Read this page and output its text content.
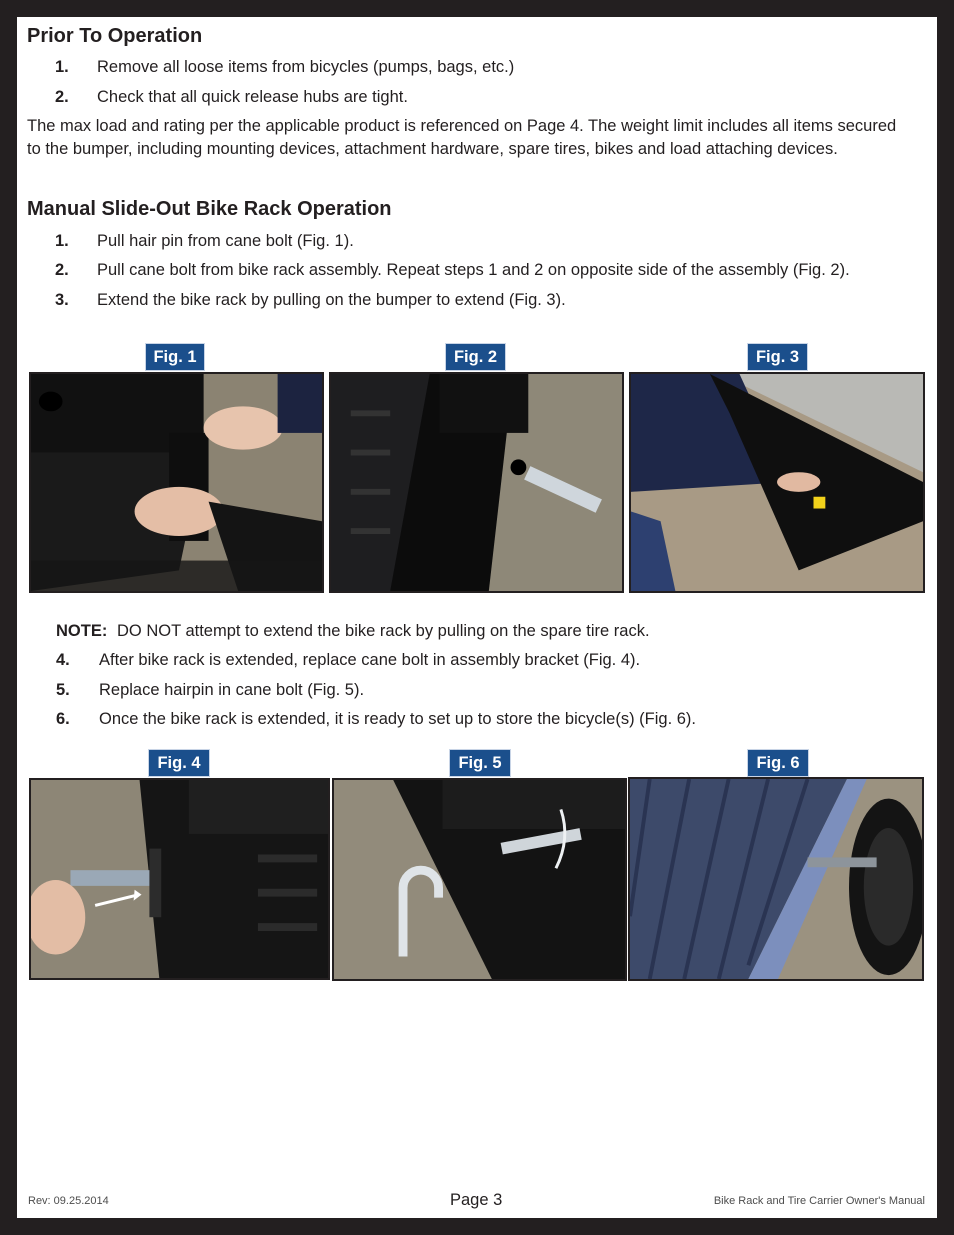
Prior To Operation
1. Remove all loose items from bicycles (pumps, bags, etc.)
2. Check that all quick release hubs are tight.
The max load and rating per the applicable product is referenced on Page 4. The weight limit includes all items secured to the bumper, including mounting devices, attachment hardware, spare tires, bikes and load attaching devices.
Manual Slide-Out Bike Rack Operation
1. Pull hair pin from cane bolt (Fig. 1).
2. Pull cane bolt from bike rack assembly. Repeat steps 1 and 2 on opposite side of the assembly (Fig. 2).
3. Extend the bike rack by pulling on the bumper to extend (Fig. 3).
Fig. 1	Fig. 2	Fig. 3
NOTE: DO NOT attempt to extend the bike rack by pulling on the spare tire rack.
4. After bike rack is extended, replace cane bolt in assembly bracket (Fig. 4).
5. Replace hairpin in cane bolt (Fig. 5).
6. Once the bike rack is extended, it is ready to set up to store the bicycle(s) (Fig. 6).
Fig. 4	Fig. 5	Fig. 6
Rev: 09.25.2014	Page 3	Bike Rack and Tire Carrier Owner's Manual
